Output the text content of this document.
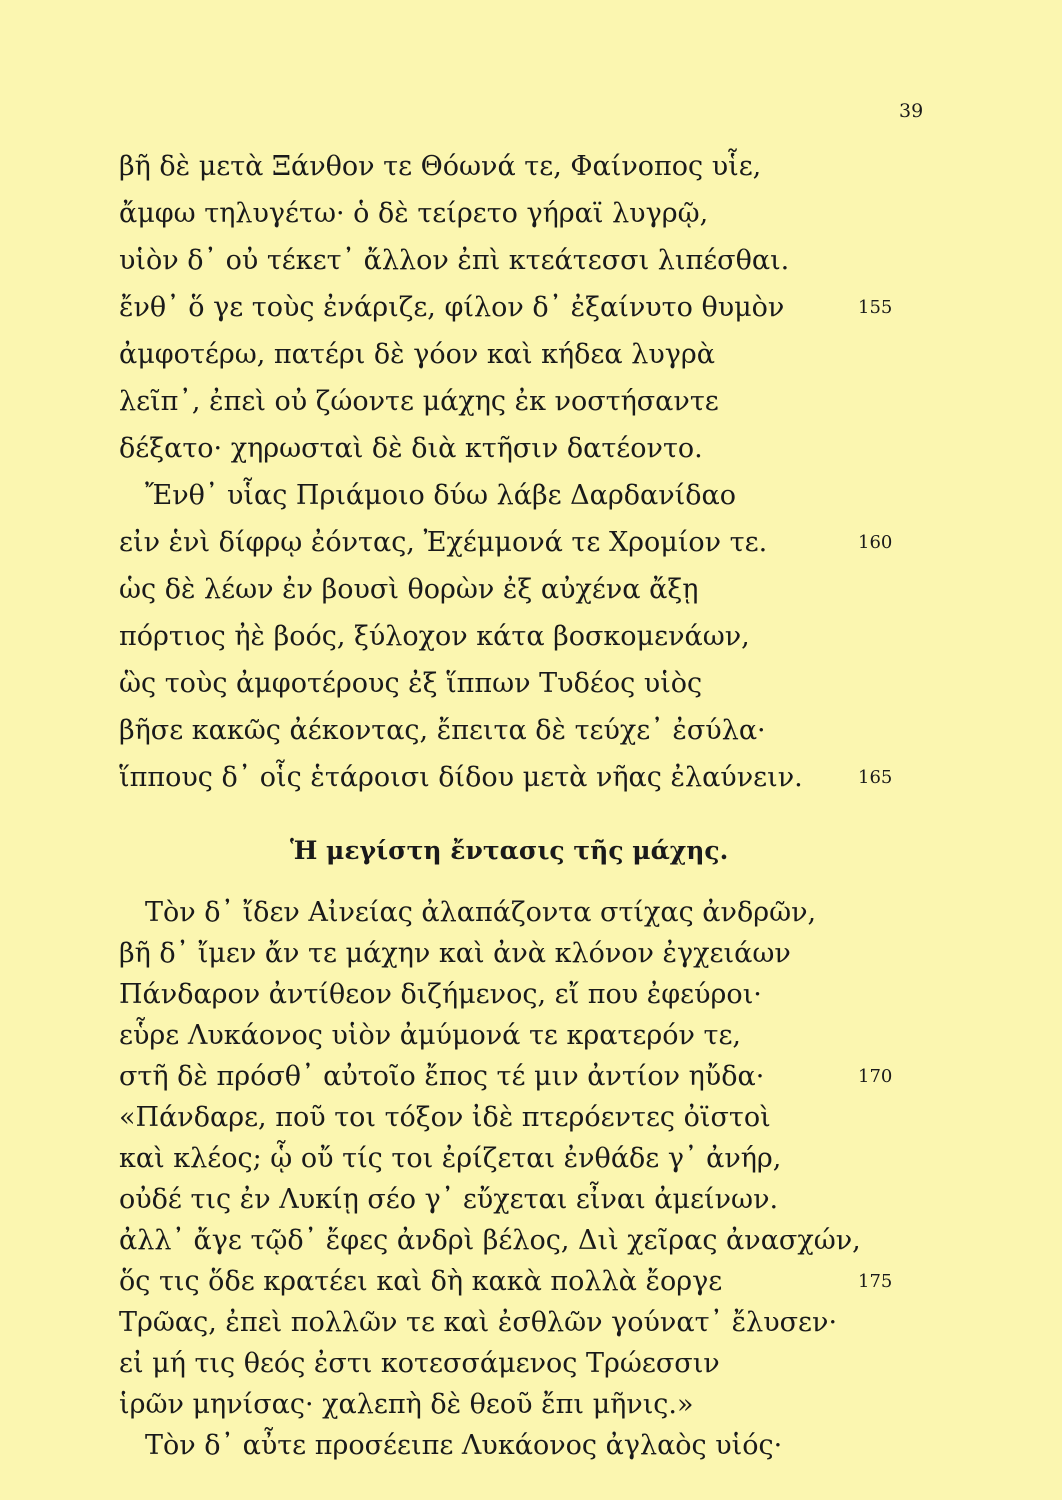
39
βῆ δὲ μετὰ Ξάνθον τε Θόωνά τε, Φαίνοπος υἷε,
ἄμφω τηλυγέτω· ὁ δὲ τείρετο γήραϊ λυγρῷ,
υἱὸν δ᾽ οὐ τέκετ᾽ ἄλλον ἐπὶ κτεάτεσσι λιπέσθαι.
ἔνθ᾽ ὅ γε τοὺς ἐνάριζε, φίλον δ᾽ ἐξαίνυτο θυμὸν
ἀμφοτέρω, πατέρι δὲ γόον καὶ κήδεα λυγρὰ
λεῖπ᾽, ἐπεὶ οὐ ζώοντε μάχης ἐκ νοστήσαντε
δέξατο· χηρωσταὶ δὲ διὰ κτῆσιν δατέοντο.
Ἔνθ᾽ υἷας Πριάμοιο δύω λάβε Δαρδανίδαο
εἰν ἑνὶ δίφρῳ ἐόντας, Ἐχέμμονά τε Χρομίον τε.
ὡς δὲ λέων ἐν βουσὶ θορὼν ἐξ αὐχένα ἄξῃ
πόρτιος ἠὲ βοός, ξύλοχον κάτα βοσκομενάων,
ὣς τοὺς ἀμφοτέρους ἐξ ἵππων Τυδέος υἱὸς
βῆσε κακῶς ἀέκοντας, ἔπειτα δὲ τεύχε᾽ ἐσύλα·
ἵππους δ᾽ οἷς ἑτάροισι δίδου μετὰ νῆας ἐλαύνειν.
155
160
165
Ἡ μεγίστη ἔντασις τῆς μάχης.
Τὸν δ᾽ ἴδεν Αἰνείας ἀλαπάζοντα στίχας ἀνδρῶν,
βῆ δ᾽ ἴμεν ἄν τε μάχην καὶ ἀνὰ κλόνον ἐγχειάων
Πάνδαρον ἀντίθεον διζήμενος, εἴ που ἐφεύροι·
εὗρε Λυκάονος υἱὸν ἀμύμονά τε κρατερόν τε,
στῆ δὲ πρόσθ᾽ αὐτοῖο ἔπος τέ μιν ἀντίον ηὔδα·
«Πάνδαρε, ποῦ τοι τόξον ἰδὲ πτερόεντες ὀϊστοὶ
καὶ κλέος; ᾧ οὔ τίς τοι ἐρίζεται ἐνθάδε γ᾽ ἀνήρ,
οὐδέ τις ἐν Λυκίῃ σέο γ᾽ εὔχεται εἶναι ἀμείνων.
ἀλλ᾽ ἄγε τῷδ᾽ ἔφες ἀνδρὶ βέλος, Διὶ χεῖρας ἀνασχών,
ὅς τις ὅδε κρατέει καὶ δὴ κακὰ πολλὰ ἔοργε
Τρῶας, ἐπεὶ πολλῶν τε καὶ ἐσθλῶν γούνατ᾽ ἔλυσεν·
εἰ μή τις θεός ἐστι κοτεσσάμενος Τρώεσσιν
ἱρῶν μηνίσας· χαλεπὴ δὲ θεοῦ ἔπι μῆνις.»
Τὸν δ᾽ αὖτε προσέειπε Λυκάονος ἀγλαὸς υἱός·
170
175
